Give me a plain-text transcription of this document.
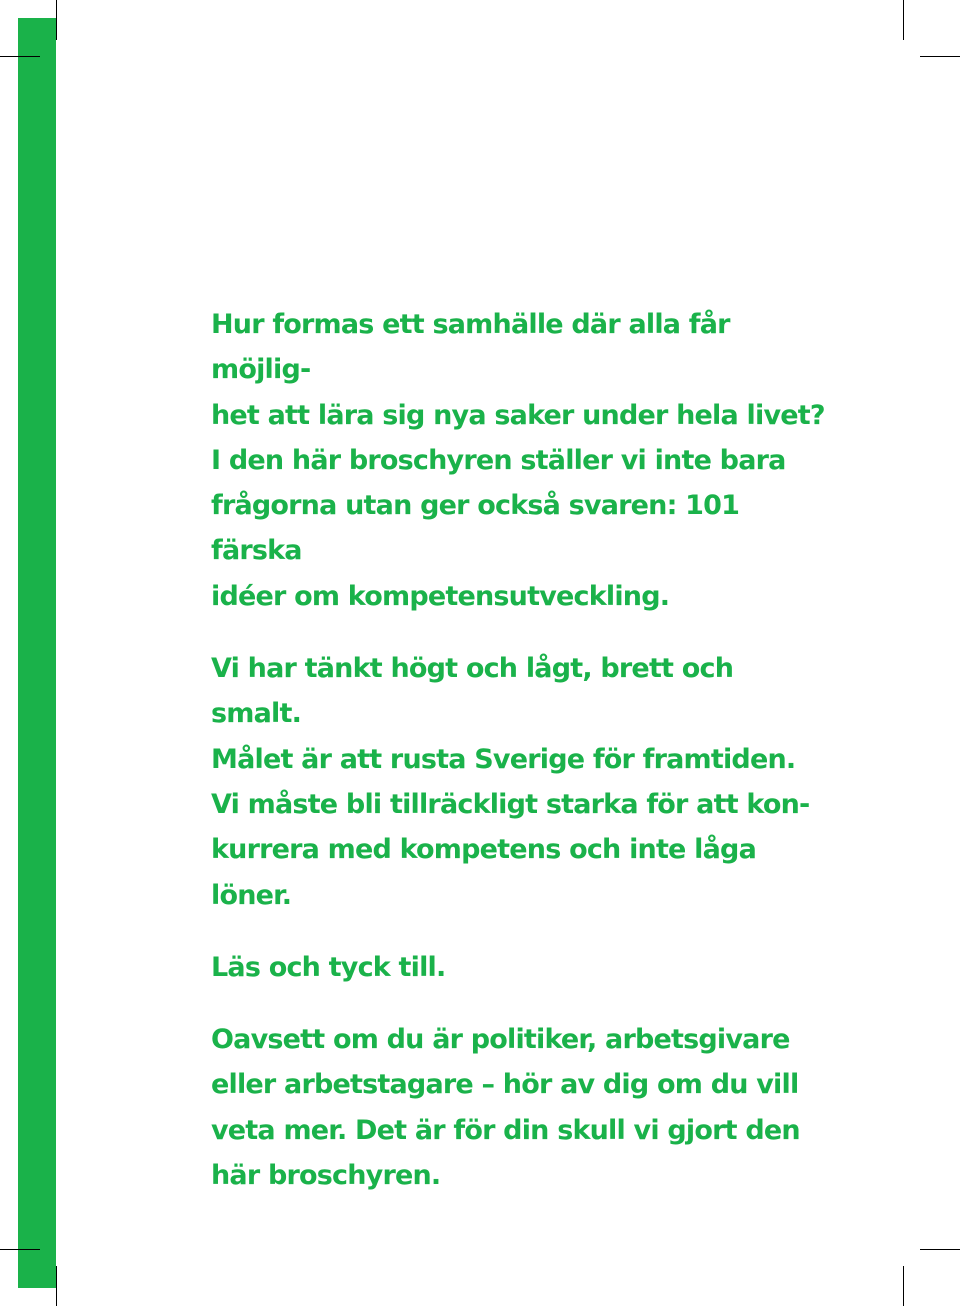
Hur formas ett samhälle där alla får möjlig-
het att lära sig nya saker under hela livet?
I den här broschyren ställer vi inte bara
frågorna utan ger också svaren: 101 färska
idéer om kompetensutveckling.

Vi har tänkt högt och lågt, brett och smalt.
Målet är att rusta Sverige för framtiden.
Vi måste bli tillräckligt starka för att kon-
kurrera med kompetens och inte låga löner.

Läs och tyck till.

Oavsett om du är politiker, arbetsgivare
eller arbetstagare – hör av dig om du vill
veta mer. Det är för din skull vi gjort den
här broschyren.
